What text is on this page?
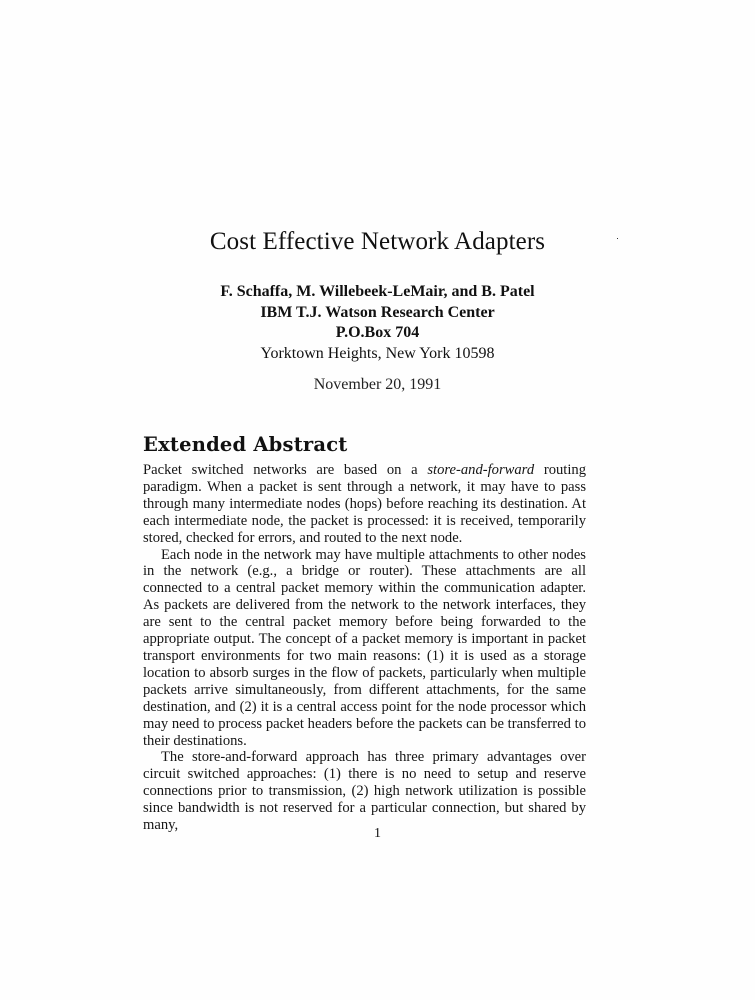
Cost Effective Network Adapters
F. Schaffa, M. Willebeek-LeMair, and B. Patel
IBM T.J. Watson Research Center
P.O.Box 704
Yorktown Heights, New York 10598
November 20, 1991
Extended Abstract

Packet switched networks are based on a store-and-forward routing paradigm. When a packet is sent through a network, it may have to pass through many intermediate nodes (hops) before reaching its destination. At each intermediate node, the packet is processed: it is received, temporarily stored, checked for errors, and routed to the next node.

Each node in the network may have multiple attachments to other nodes in the network (e.g., a bridge or router). These attachments are all connected to a central packet memory within the communication adapter. As packets are delivered from the network to the network interfaces, they are sent to the central packet memory before being forwarded to the appropriate output. The concept of a packet memory is important in packet transport environments for two main reasons: (1) it is used as a storage location to absorb surges in the flow of packets, particularly when multiple packets arrive simultaneously, from different attachments, for the same destination, and (2) it is a central access point for the node processor which may need to process packet headers before the packets can be transferred to their destinations.

The store-and-forward approach has three primary advantages over circuit switched approaches: (1) there is no need to setup and reserve connections prior to transmission, (2) high network utilization is possible since bandwidth is not reserved for a particular connection, but shared by many,

1
